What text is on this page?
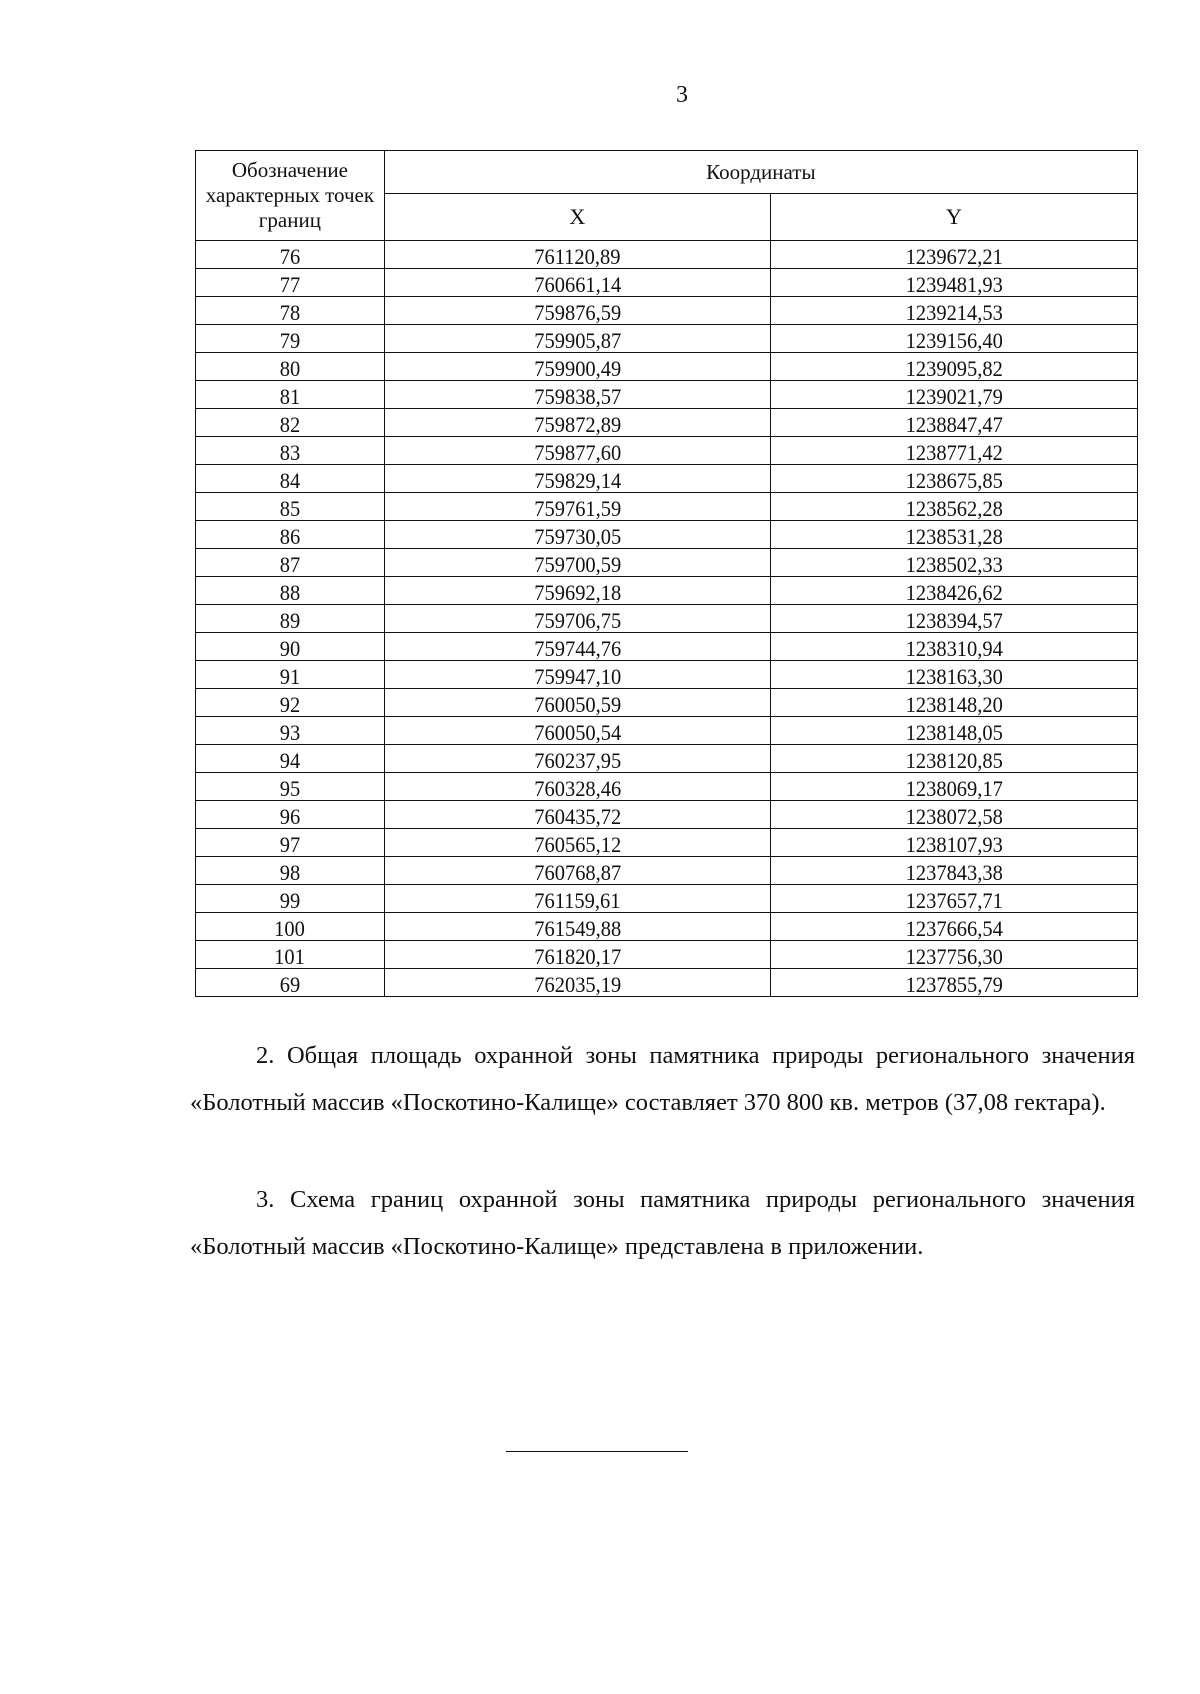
3
Обозначение характерных точек границ	Координаты	
	X	Y
76	761120,89	1239672,21
77	760661,14	1239481,93
78	759876,59	1239214,53
79	759905,87	1239156,40
80	759900,49	1239095,82
81	759838,57	1239021,79
82	759872,89	1238847,47
83	759877,60	1238771,42
84	759829,14	1238675,85
85	759761,59	1238562,28
86	759730,05	1238531,28
87	759700,59	1238502,33
88	759692,18	1238426,62
89	759706,75	1238394,57
90	759744,76	1238310,94
91	759947,10	1238163,30
92	760050,59	1238148,20
93	760050,54	1238148,05
94	760237,95	1238120,85
95	760328,46	1238069,17
96	760435,72	1238072,58
97	760565,12	1238107,93
98	760768,87	1237843,38
99	761159,61	1237657,71
100	761549,88	1237666,54
101	761820,17	1237756,30
69	762035,19	1237855,79
2. Общая площадь охранной зоны памятника природы регионального значения «Болотный массив «Поскотино-Калище» составляет 370 800 кв. метров (37,08 гектара).
3. Схема границ охранной зоны памятника природы регионального значения «Болотный массив «Поскотино-Калище» представлена в приложении.
